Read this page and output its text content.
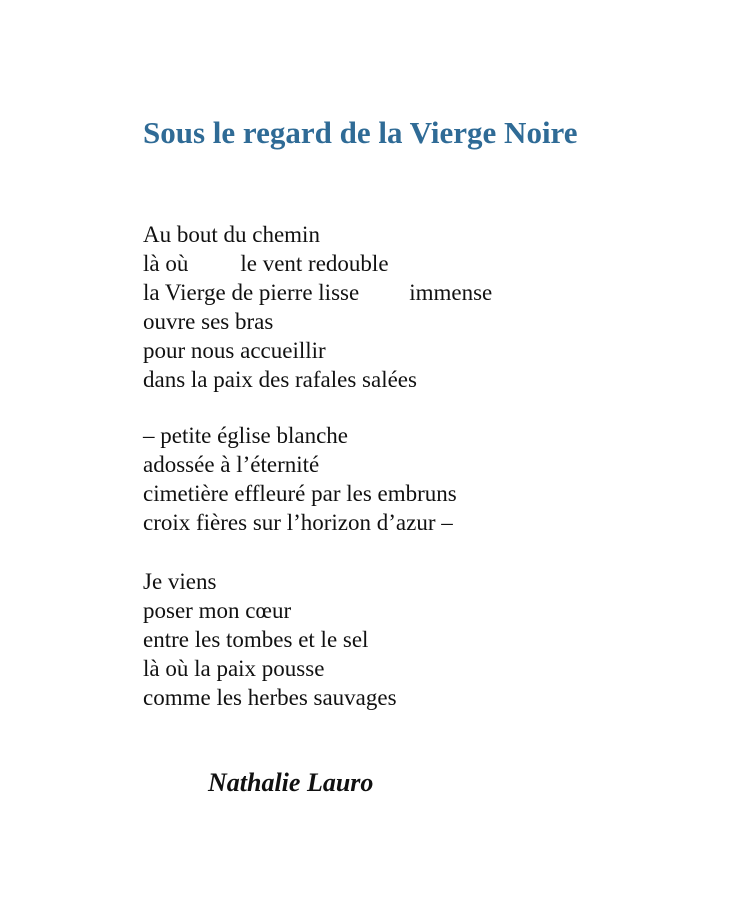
Sous le regard de la Vierge Noire
Au bout du chemin
là où le vent redouble
la Vierge de pierre lisse immense
ouvre ses bras
pour nous accueillir
dans la paix des rafales salées
– petite église blanche
adossée à l’éternité
cimetière effleuré par les embruns
croix fières sur l’horizon d’azur –
Je viens
poser mon cœur
entre les tombes et le sel
là où la paix pousse
comme les herbes sauvages

Nathalie Lauro
